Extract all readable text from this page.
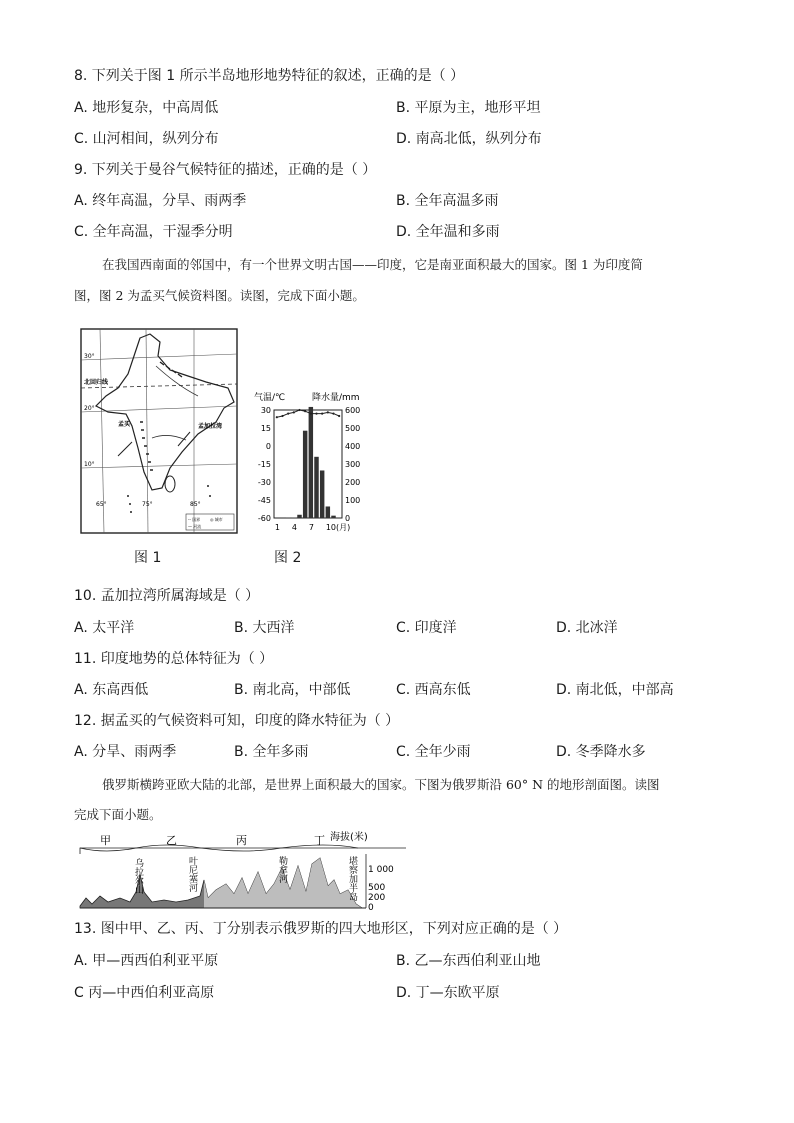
8. 下列关于图 1 所示半岛地形地势特征的叙述，正确的是（ ）
A. 地形复杂，中高周低	B. 平原为主，地形平坦
C. 山河相间，纵列分布	D. 南高北低，纵列分布
9. 下列关于曼谷气候特征的描述，正确的是（ ）
A. 终年高温，分旱、雨两季	B. 全年高温多雨
C. 全年高温，干湿季分明	D. 全年温和多雨
在我国西南面的邻国中，有一个世界文明古国——印度，它是南亚面积最大的国家。图 1 为印度简
图，图 2 为孟买气候资料图。读图，完成下面小题。
30°
20°
10°
65°	75°	85°
北回归线
孟买	孟加拉湾
-- 国界 ◎ 城市
— 河流
图 1
气温/℃	降水量/mm
30
15
0
-15
-30
-45
-60
600
500
400
300
200
100
0
1 4 7 10(月)
图 2
10. 孟加拉湾所属海域是（ ）
A. 太平洋	B. 大西洋	C. 印度洋	D. 北冰洋
11. 印度地势的总体特征为（ ）
A. 东高西低	B. 南北高，中部低	C. 西高东低	D. 南北低，中部高
12. 据孟买的气候资料可知，印度的降水特征为（ ）
A. 分旱、雨两季	B. 全年多雨	C. 全年少雨	D. 冬季降水多
俄罗斯横跨亚欧大陆的北部，是世界上面积最大的国家。下图为俄罗斯沿 60° N 的地形剖面图。读图
完成下面小题。
甲	乙	丙	丁
乌拉尔山	叶尼塞河	勒拿河	堪察加半岛
海拔(米)
1 000
500
200
0
13. 图中甲、乙、丙、丁分别表示俄罗斯的四大地形区，下列对应正确的是（ ）
A. 甲—西西伯利亚平原	B. 乙—东西伯利亚山地
C 丙—中西伯利亚高原	D. 丁—东欧平原
